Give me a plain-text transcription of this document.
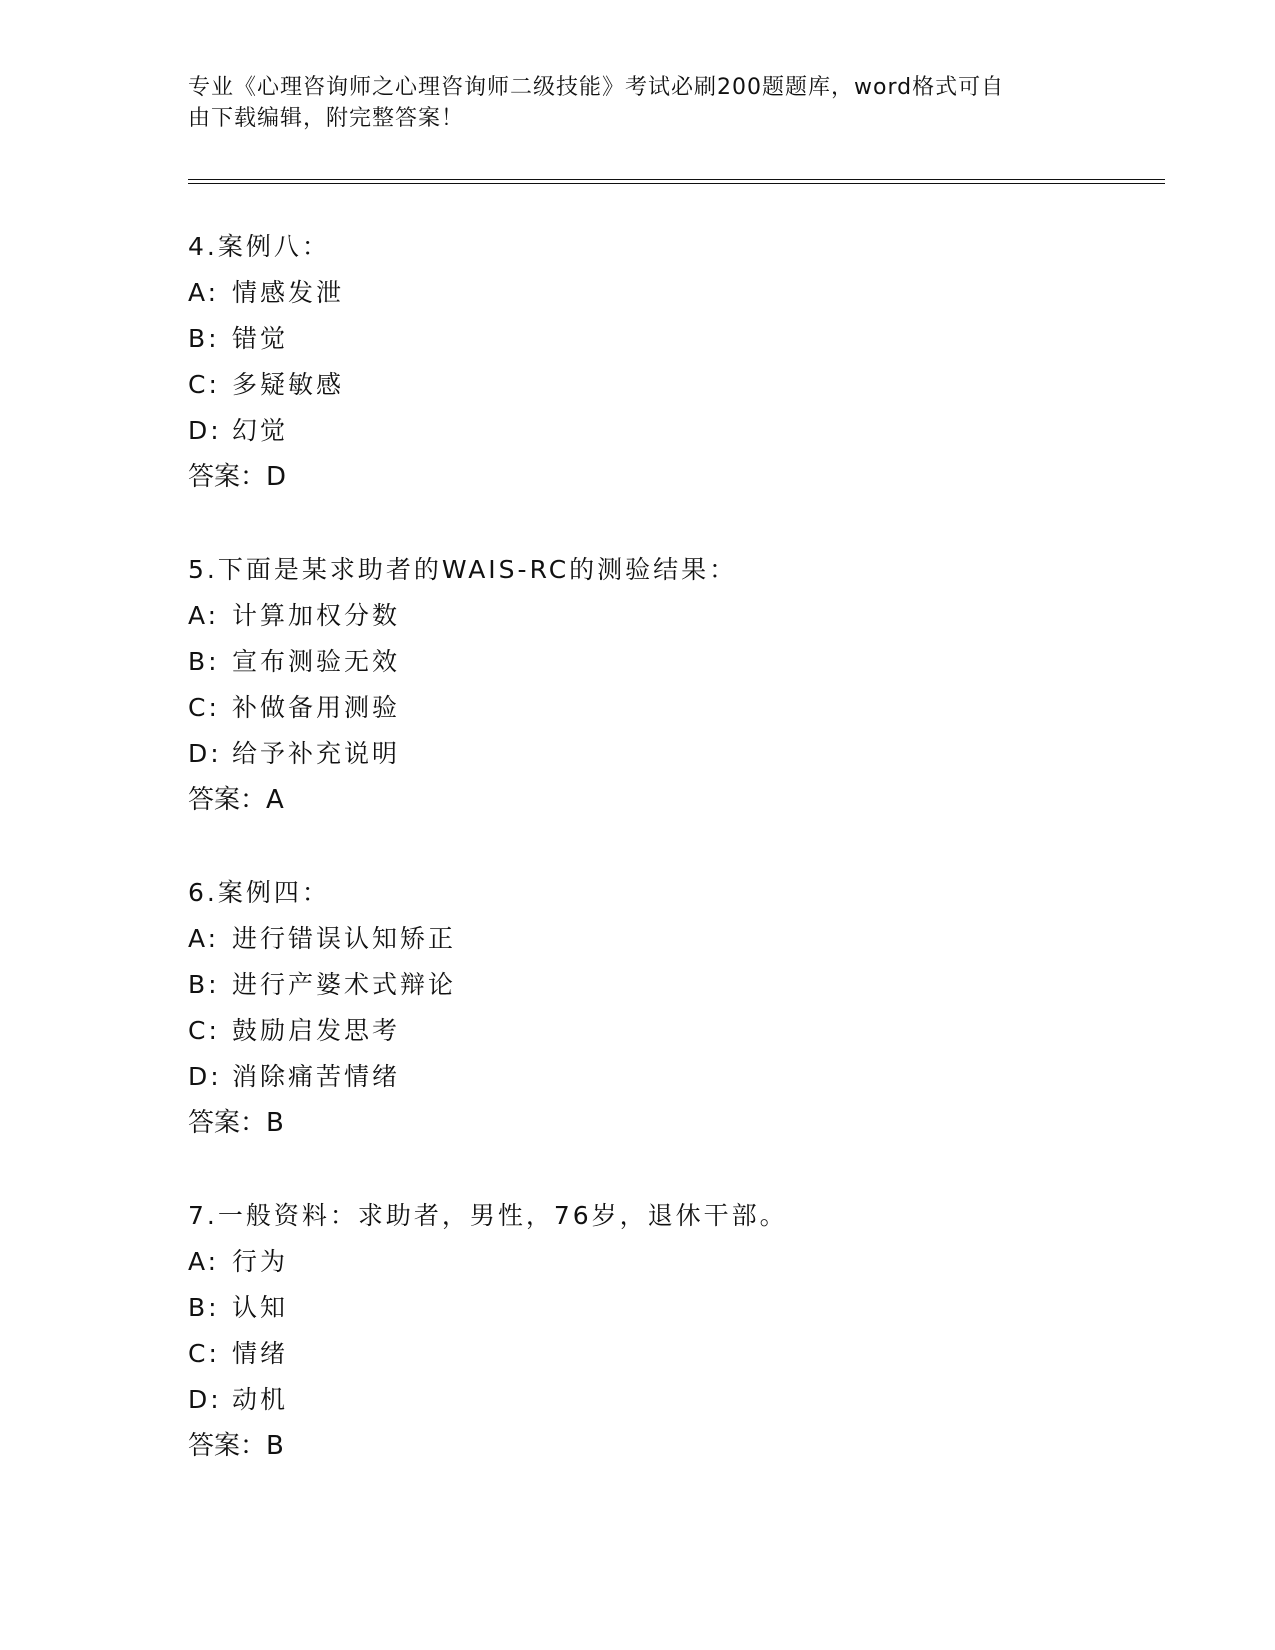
专业《心理咨询师之心理咨询师二级技能》考试必刷200题题库，word格式可自
由下载编辑，附完整答案！
4.案例八：
A: 情感发泄
B: 错觉
C: 多疑敏感
D: 幻觉
答案：D
5.下面是某求助者的WAIS-RC的测验结果：
A: 计算加权分数
B: 宣布测验无效
C: 补做备用测验
D: 给予补充说明
答案：A
6.案例四：
A: 进行错误认知矫正
B: 进行产婆术式辩论
C: 鼓励启发思考
D: 消除痛苦情绪
答案：B
7.一般资料：求助者，男性，76岁，退休干部。
A: 行为
B: 认知
C: 情绪
D: 动机
答案：B
